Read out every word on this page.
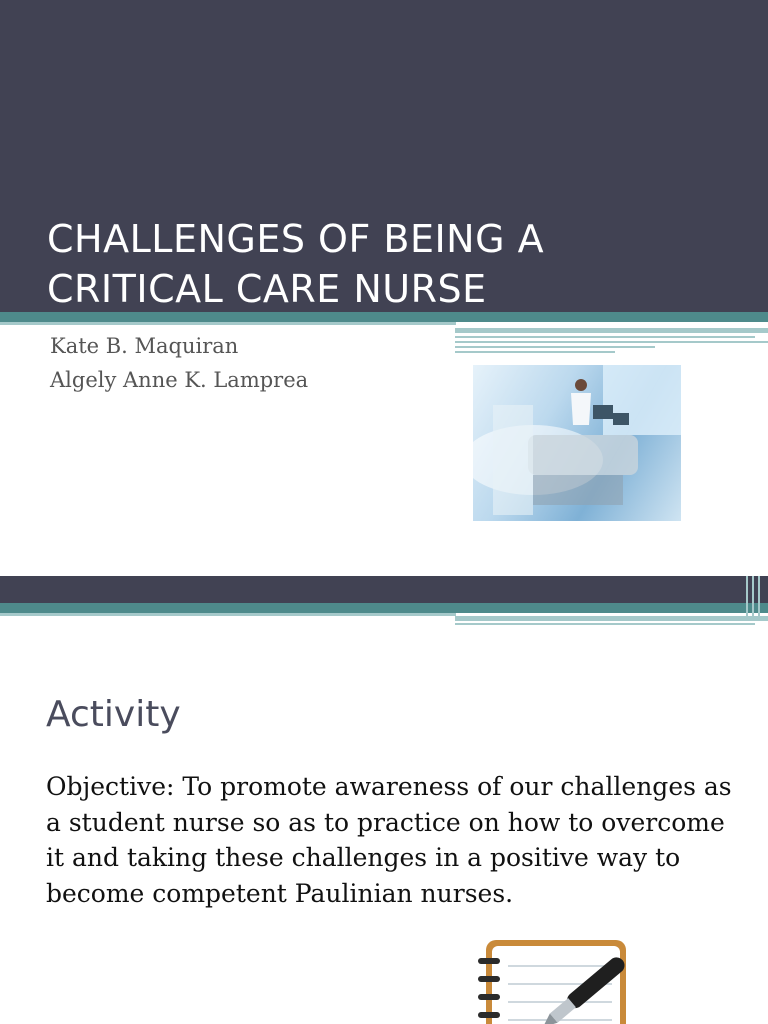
CHALLENGES OF BEING A
CRITICAL CARE NURSE

Kate B. Maquiran

Algely Anne K. Lamprea

Activity

Objective: To promote awareness of our challenges as a student nurse so as to practice on how to overcome it and taking these challenges in a positive way to become competent Paulinian nurses.
